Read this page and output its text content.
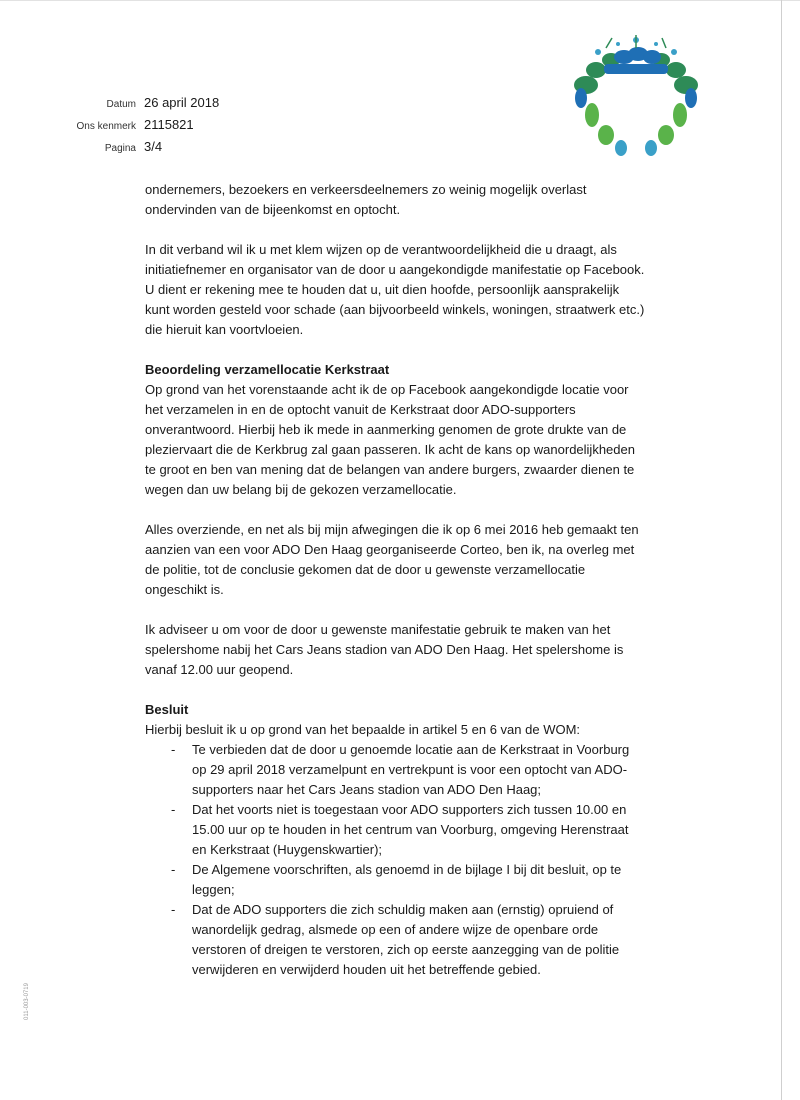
Datum 26 april 2018
Ons kenmerk 2115821
Pagina 3/4

ondernemers, bezoekers en verkeersdeelnemers zo weinig mogelijk overlast ondervinden van de bijeenkomst en optocht.

In dit verband wil ik u met klem wijzen op de verantwoordelijkheid die u draagt, als initiatiefnemer en organisator van de door u aangekondigde manifestatie op Facebook. U dient er rekening mee te houden dat u, uit dien hoofde, persoonlijk aansprakelijk kunt worden gesteld voor schade (aan bijvoorbeeld winkels, woningen, straatwerk etc.) die hieruit kan voortvloeien.

Beoordeling verzamellocatie Kerkstraat

Op grond van het vorenstaande acht ik de op Facebook aangekondigde locatie voor het verzamelen in en de optocht vanuit de Kerkstraat door ADO-supporters onverantwoord. Hierbij heb ik mede in aanmerking genomen de grote drukte van de pleziervaart die de Kerkbrug zal gaan passeren. Ik acht de kans op wanordelijkheden te groot en ben van mening dat de belangen van andere burgers, zwaarder dienen te wegen dan uw belang bij de gekozen verzamellocatie.

Alles overziende, en net als bij mijn afwegingen die ik op 6 mei 2016 heb gemaakt ten aanzien van een voor ADO Den Haag georganiseerde Corteo, ben ik, na overleg met de politie, tot de conclusie gekomen dat de door u gewenste verzamellocatie ongeschikt is.

Ik adviseer u om voor de door u gewenste manifestatie gebruik te maken van het spelershome nabij het Cars Jeans stadion van ADO Den Haag. Het spelershome is vanaf 12.00 uur geopend.

Besluit

Hierbij besluit ik u op grond van het bepaalde in artikel 5 en 6 van de WOM:

- Te verbieden dat de door u genoemde locatie aan de Kerkstraat in Voorburg op 29 april 2018 verzamelpunt en vertrekpunt is voor een optocht van ADO-supporters naar het Cars Jeans stadion van ADO Den Haag;
- Dat het voorts niet is toegestaan voor ADO supporters zich tussen 10.00 en 15.00 uur op te houden in het centrum van Voorburg, omgeving Herenstraat en Kerkstraat (Huygenskwartier);
- De Algemene voorschriften, als genoemd in de bijlage I bij dit besluit, op te leggen;
- Dat de ADO supporters die zich schuldig maken aan (ernstig) opruiend of wanordelijk gedrag, alsmede op een of andere wijze de openbare orde verstoren of dreigen te verstoren, zich op eerste aanzegging van de politie verwijderen en verwijderd houden uit het betreffende gebied.
011-003-0719
